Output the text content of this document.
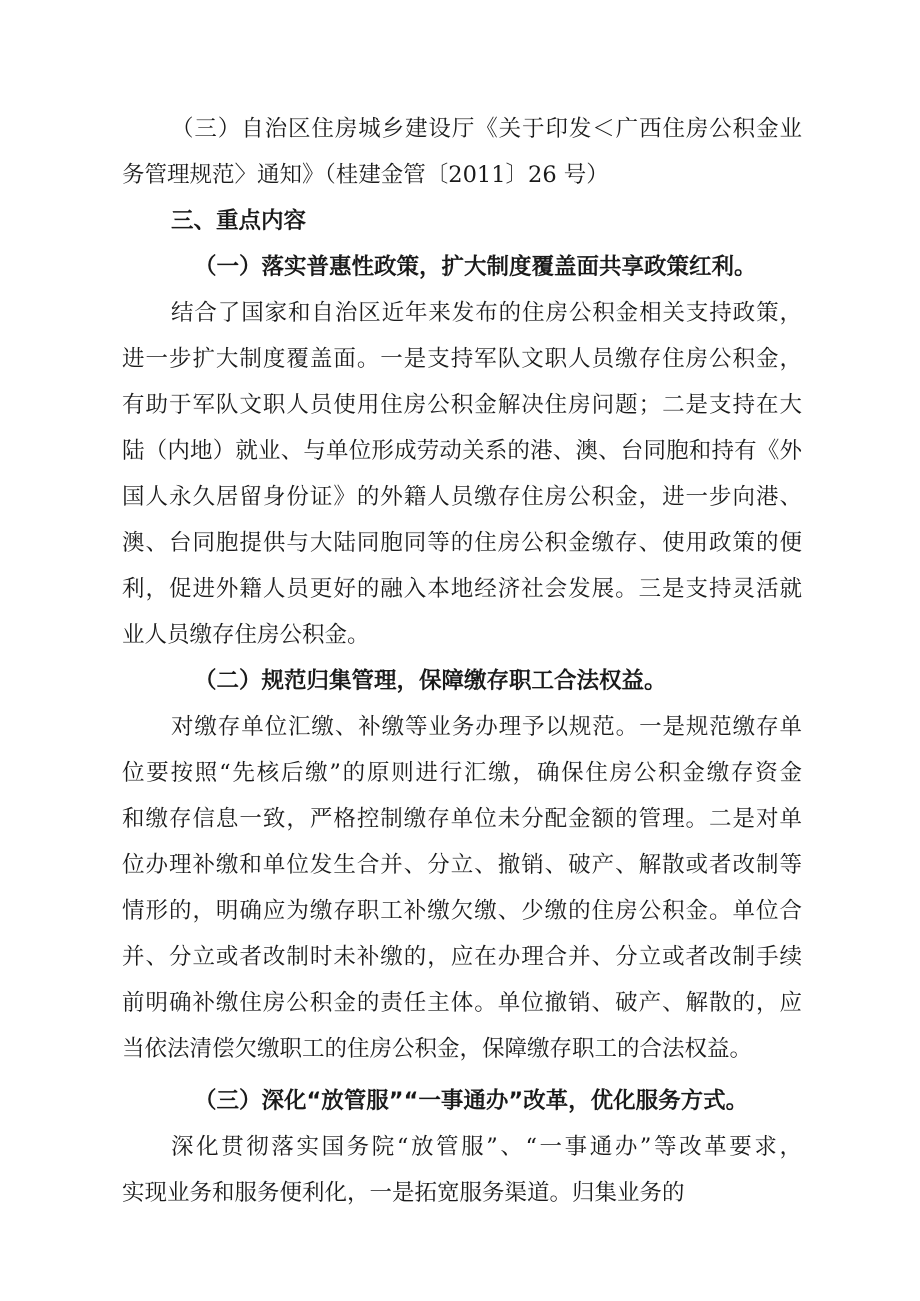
（三）自治区住房城乡建设厅《关于印发＜广西住房公积金业
务管理规范〉通知》（桂建金管〔2011〕26 号）
三、重点内容
（一）落实普惠性政策，扩大制度覆盖面共享政策红利。
结合了国家和自治区近年来发布的住房公积金相关支持政策，
进一步扩大制度覆盖面。一是支持军队文职人员缴存住房公积金，
有助于军队文职人员使用住房公积金解决住房问题；二是支持在大
陆（内地）就业、与单位形成劳动关系的港、澳、台同胞和持有《外
国人永久居留身份证》的外籍人员缴存住房公积金，进一步向港、
澳、台同胞提供与大陆同胞同等的住房公积金缴存、使用政策的便
利，促进外籍人员更好的融入本地经济社会发展。三是支持灵活就
业人员缴存住房公积金。
（二）规范归集管理，保障缴存职工合法权益。
对缴存单位汇缴、补缴等业务办理予以规范。一是规范缴存单
位要按照“先核后缴”的原则进行汇缴，确保住房公积金缴存资金
和缴存信息一致，严格控制缴存单位未分配金额的管理。二是对单
位办理补缴和单位发生合并、分立、撤销、破产、解散或者改制等
情形的，明确应为缴存职工补缴欠缴、少缴的住房公积金。单位合
并、分立或者改制时未补缴的，应在办理合并、分立或者改制手续
前明确补缴住房公积金的责任主体。单位撤销、破产、解散的，应
当依法清偿欠缴职工的住房公积金，保障缴存职工的合法权益。
（三）深化“放管服”“一事通办”改革，优化服务方式。
深化贯彻落实国务院“放管服”、“一事通办”等改革要求，
实现业务和服务便利化，一是拓宽服务渠道。归集业务的
